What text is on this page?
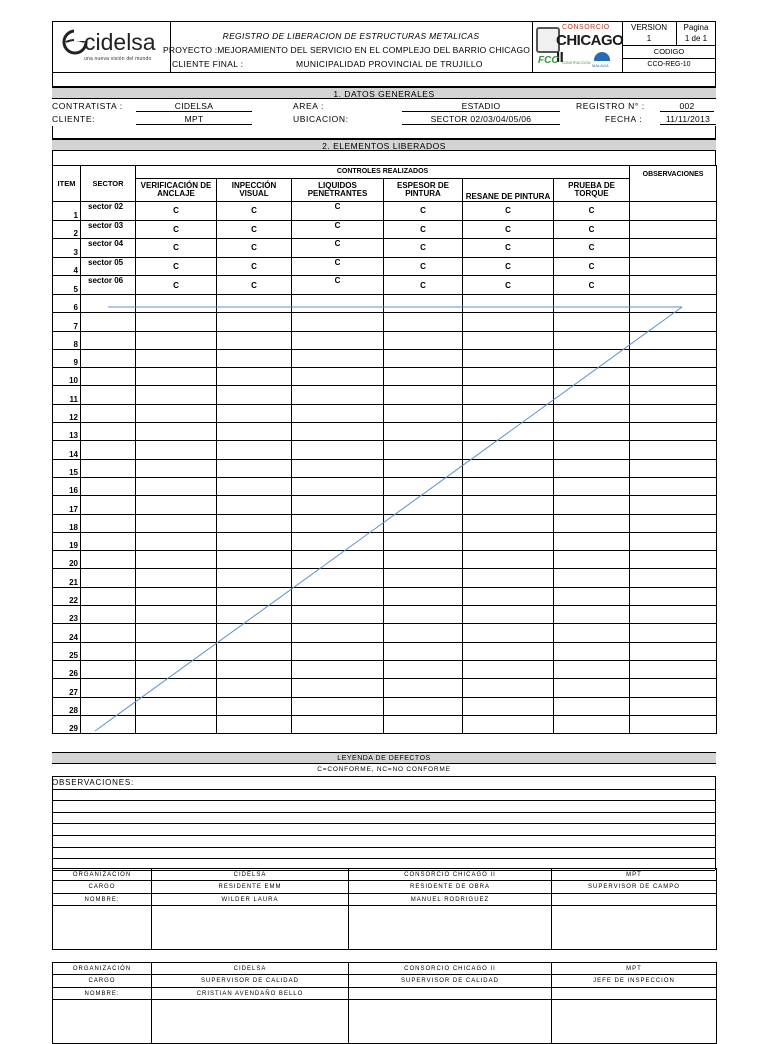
cidelsa
una nueva visión del mundo
REGISTRO DE LIBERACION DE ESTRUCTURAS METALICAS
PROYECTO :MEJORAMIENTO DEL SERVICIO EN EL COMPLEJO DEL BARRIO CHICAGO
CLIENTE FINAL :	MUNICIPALIDAD PROVINCIAL DE TRUJILLO
CONSORCIO
CHICAGO II
FCC CONSTRUCCIÓN MALAGA
VERSION
1
Pagina
1 de 1
CODIGO
CCO-REG-10
1. DATOS GENERALES
CONTRATISTA :	CIDELSA	AREA :	ESTADIO	REGISTRO N° :	002
CLIENTE:	MPT	UBICACION:	SECTOR 02/03/04/05/06	FECHA :	11/11/2013
2. ELEMENTOS LIBERADOS
ITEM	SECTOR	CONTROLES REALIZADOS						OBSERVACIONES
		VERIFICACIÓN DE ANCLAJE	INPECCIÓN VISUAL	LIQUIDOS PENETRANTES	ESPESOR DE PINTURA	RESANE DE PINTURA	PRUEBA DE TORQUE	
1	sector 02	C	C	C	C	C	C	
2	sector 03	C	C	C	C	C	C	
3	sector 04	C	C	C	C	C	C	
4	sector 05	C	C	C	C	C	C	
5	sector 06	C	C	C	C	C	C	
6								
7								
8								
9								
10								
11								
12								
13								
14								
15								
16								
17								
18								
19								
20								
21								
22								
23								
24								
25								
26								
27								
28								
29								
LEYENDA DE DEFECTOS
C=CONFORME, NC=NO CONFORME
OBSERVACIONES:
ORGANIZACIÓN	CIDELSA	CONSORCIO CHICAGO II	MPT
CARGO	RESIDENTE EMM	RESIDENTE DE OBRA	SUPERVISOR DE CAMPO
NOMBRE:	WILDER LAURA	MANUEL RODRIGUEZ	

ORGANIZACIÓN	CIDELSA	CONSORCIO CHICAGO II	MPT
CARGO	SUPERVISOR DE CALIDAD	SUPERVISOR DE CALIDAD	JEFE DE INSPECCION
NOMBRE:	CRISTIAN AVENDAÑO BELLO		
